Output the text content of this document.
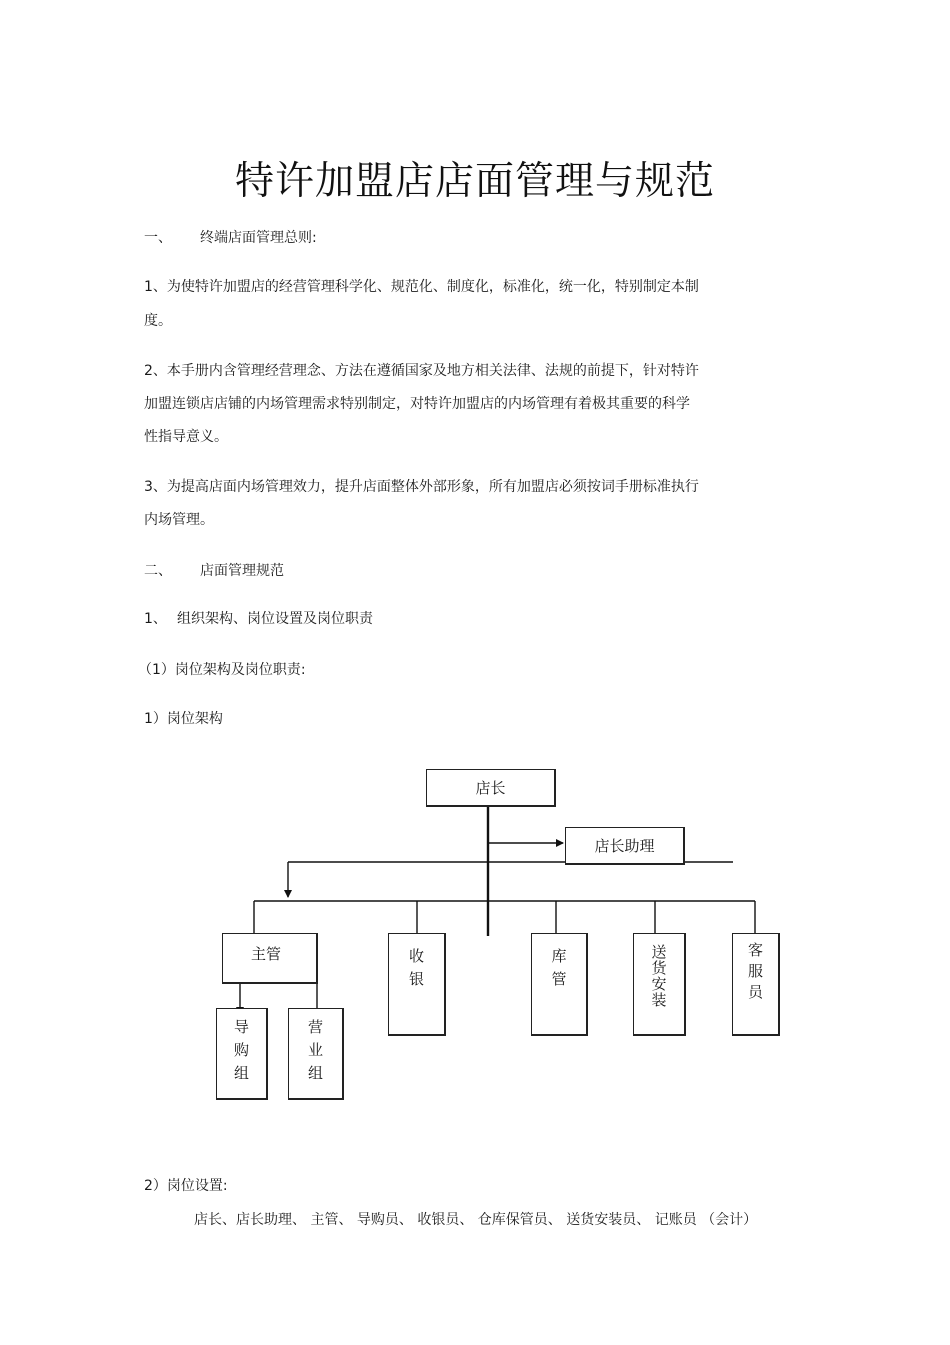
特许加盟店店面管理与规范
一、 终端店面管理总则:
1、为使特许加盟店的经营管理科学化、规范化、制度化，标准化，统一化，特别制定本制
度。
2、本手册内含管理经营理念、方法在遵循国家及地方相关法律、法规的前提下，针对特许
加盟连锁店店铺的内场管理需求特别制定，对特许加盟店的内场管理有着极其重要的科学
性指导意义。
3、为提高店面内场管理效力，提升店面整体外部形象，所有加盟店必须按词手册标准执行
内场管理。
二、 店面管理规范
1、 组织架构、岗位设置及岗位职责
（1）岗位架构及岗位职责:
1）岗位架构
店长
店长助理
主管	收银	库管	送货安装	客服员
导购组	营业组
2）岗位设置:
店长、店长助理、 主管、 导购员、 收银员、 仓库保管员、 送货安装员、 记账员 （会计）
